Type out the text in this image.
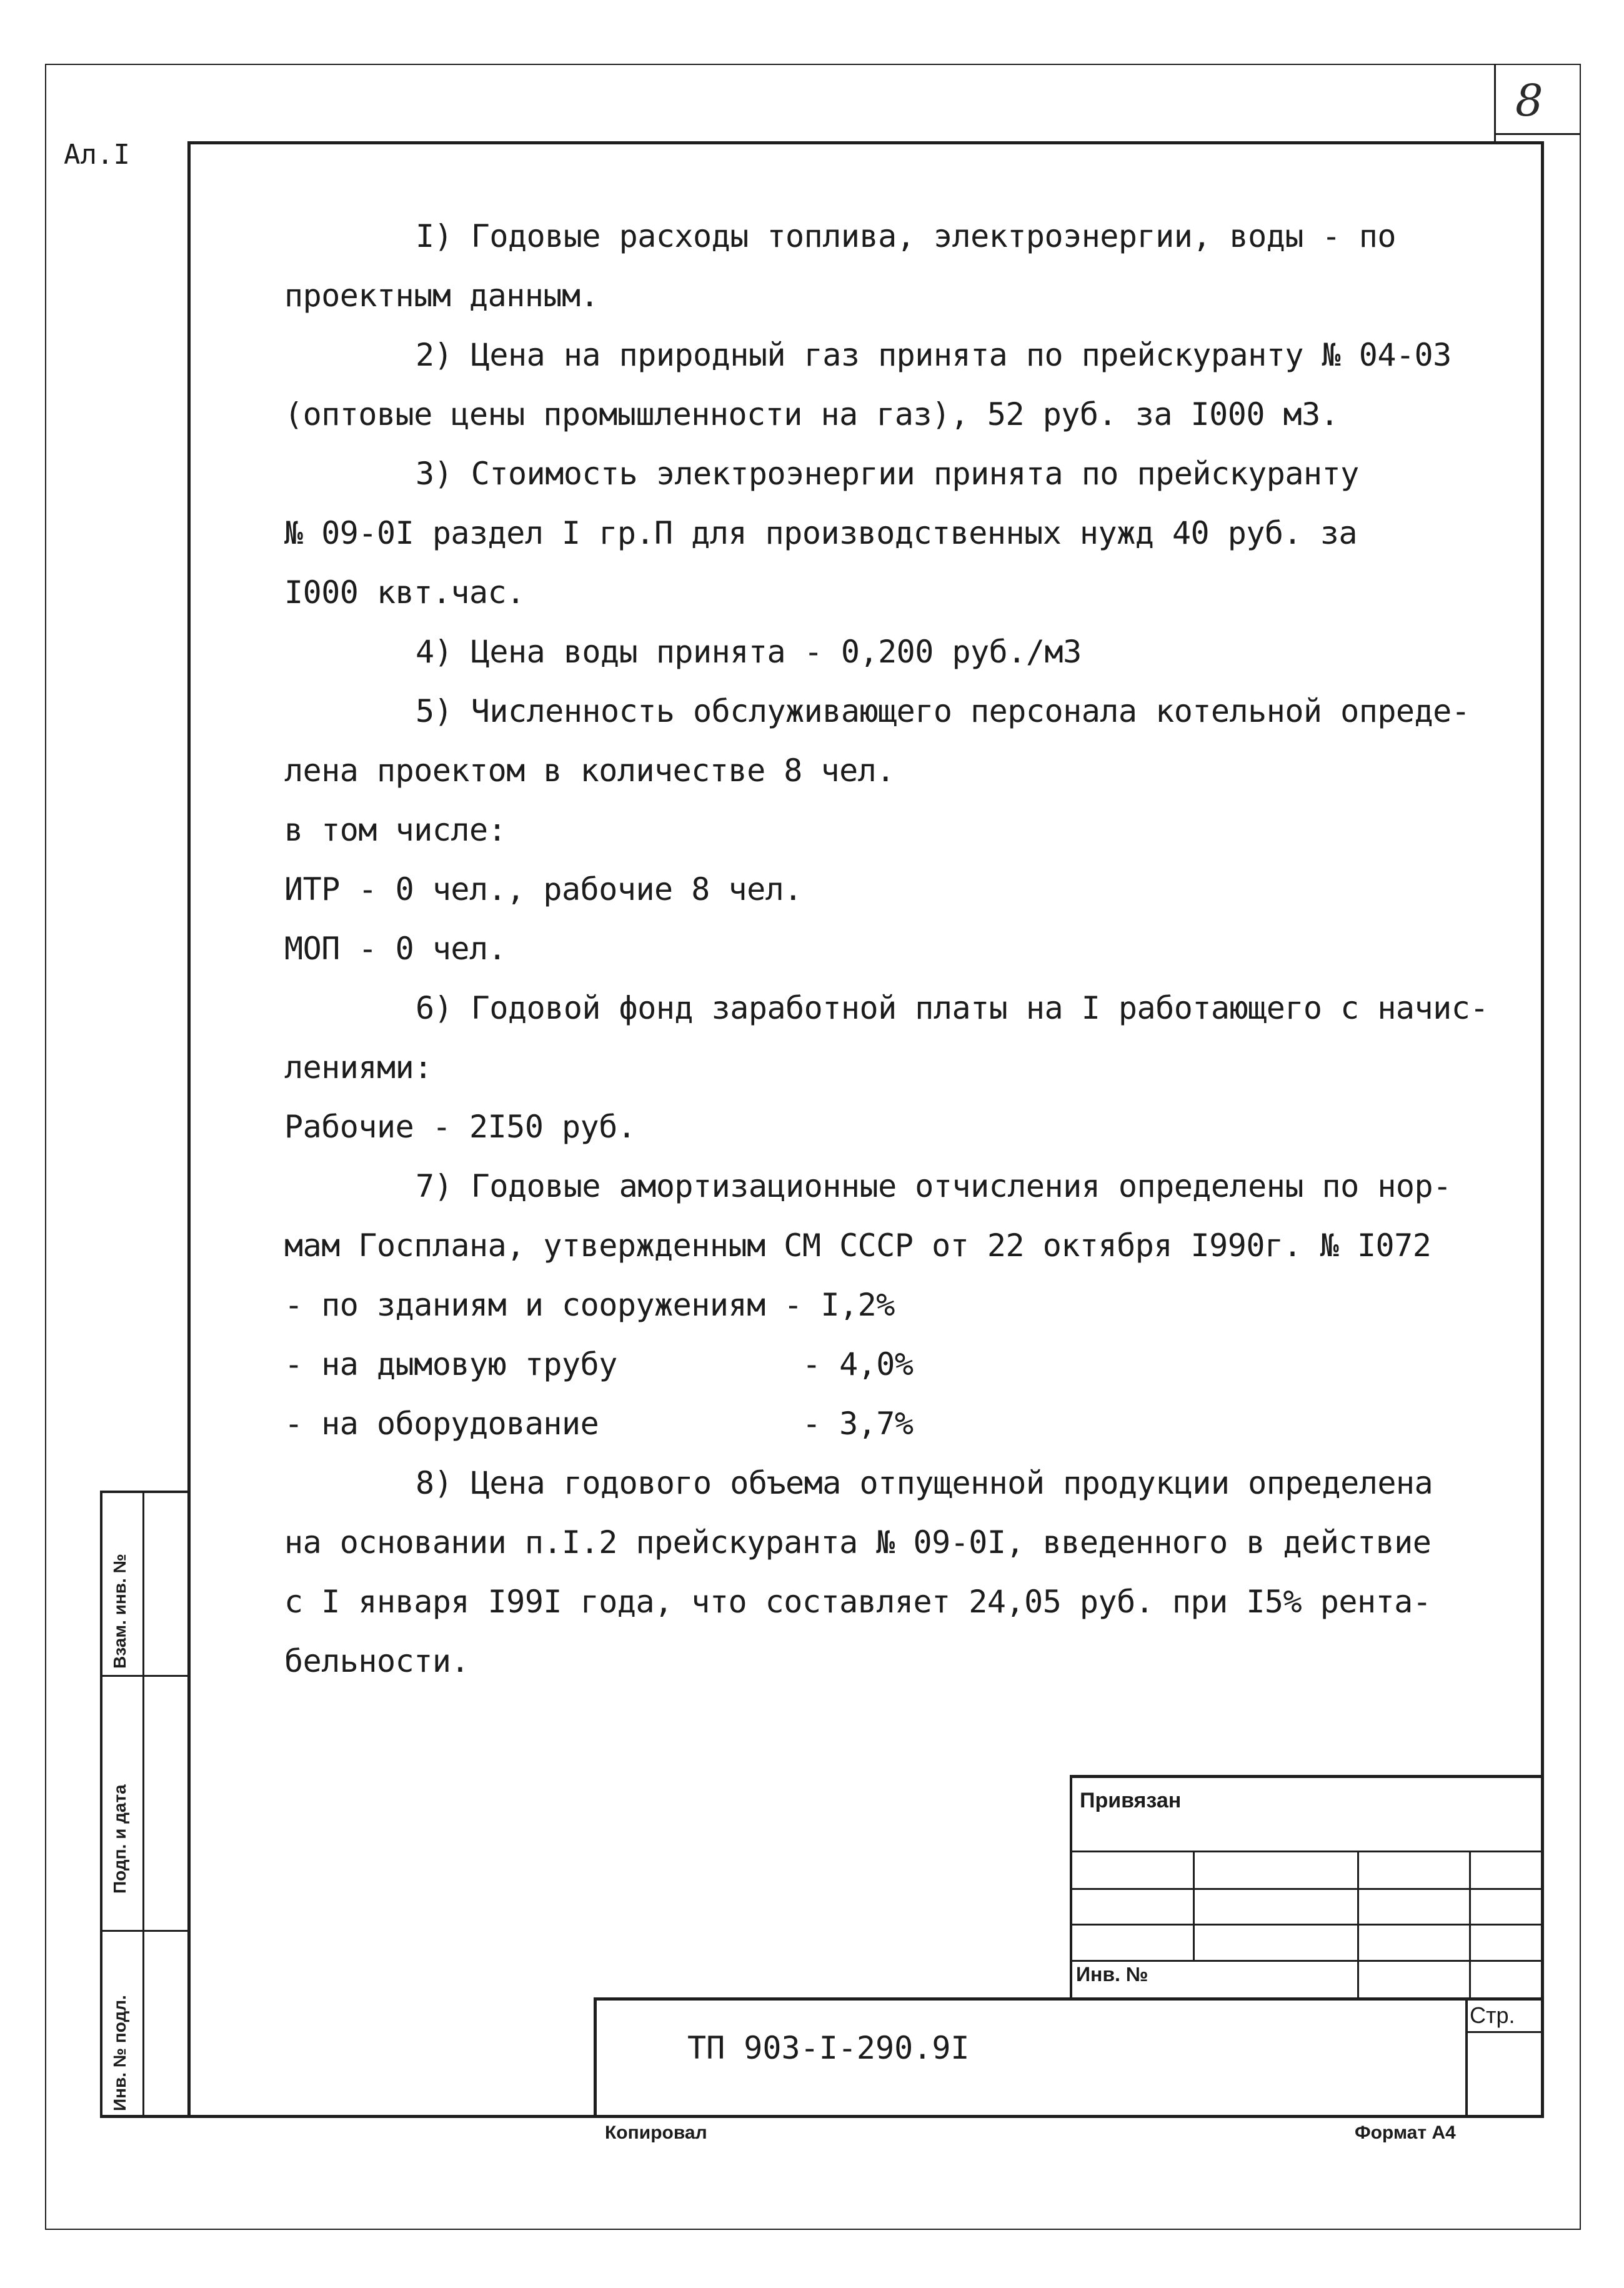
8
Ал.I
I) Годовые расходы топлива, электроэнергии, воды - по
проектным данным.
2) Цена на природный газ принята по прейскуранту № 04-03
(оптовые цены промышленности на газ), 52 руб. за I000 м3.
3) Стоимость электроэнергии принята по прейскуранту
№ 09-0I раздел I гр.П для производственных нужд 40 руб. за
I000 квт.час.
4) Цена воды принята - 0,200 руб./м3
5) Численность обслуживающего персонала котельной опреде-
лена проектом в количестве 8 чел.
в том числе:
ИТР - 0 чел., рабочие 8 чел.
МОП - 0 чел.
6) Годовой фонд заработной платы на I работающего с начис-
лениями:
Рабочие - 2I50 руб.
7) Годовые амортизационные отчисления определены по нор-
мам Госплана, утвержденным СМ СССР от 22 октября I990г. № I072
- по зданиям и сооружениям - I,2%
- на дымовую трубу          - 4,0%
- на оборудование           - 3,7%
8) Цена годового объема отпущенной продукции определена
на основании п.I.2 прейскуранта № 09-0I, введенного в действие
с I января I99I года, что составляет 24,05 руб. при I5% рента-
бельности.
Взам. инв. №
Подп. и дата
Инв. № подл.
Привязан
Инв. №
Стр.
ТП 903-I-290.9I
Копировал	Формат А4
